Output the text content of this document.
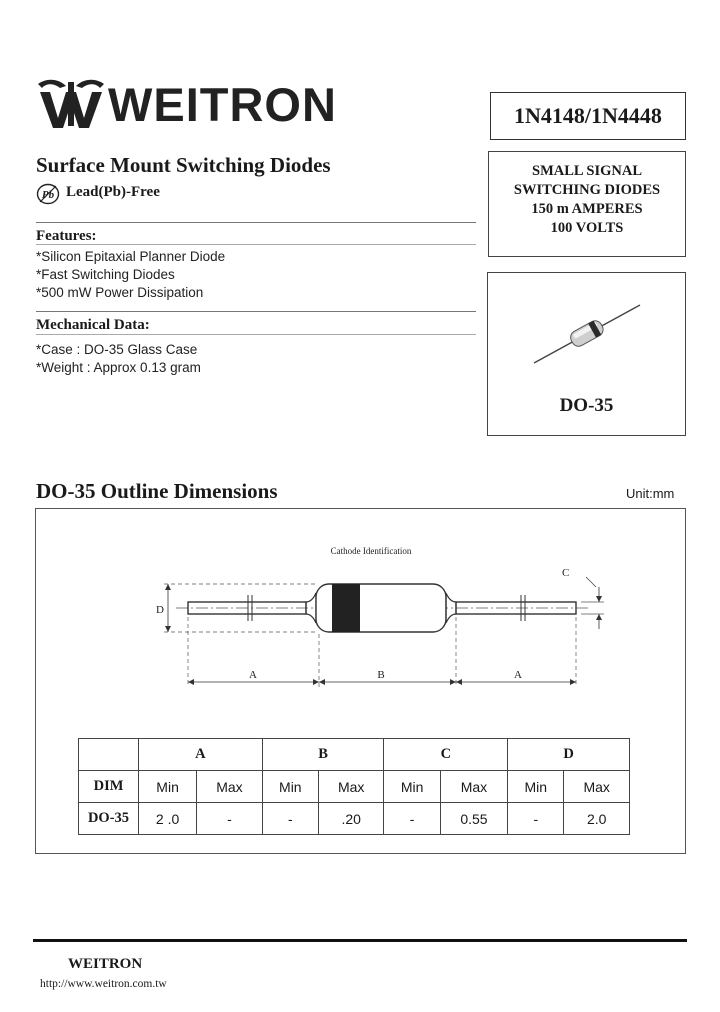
WEITRON	1N4148/1N4448
Surface Mount Switching Diodes
Pb Lead(Pb)-Free
SMALL SIGNAL
SWITCHING DIODES
150 m AMPERES
100 VOLTS
Features:
*Silicon Epitaxial Planner Diode
*Fast Switching Diodes
*500 mW Power Dissipation
Mechanical Data:
*Case : DO-35 Glass Case
*Weight : Approx 0.13 gram
DO-35
DO-35 Outline Dimensions	Unit:mm
Cathode Identification
D
C
A	B	A
	A		B		C		D	
DIM	Min	Max	Min	Max	Min	Max	Min	Max
DO-35	2 .0	-	-	.20	-	0.55	-	2.0
WEITRON
http://www.weitron.com.tw
